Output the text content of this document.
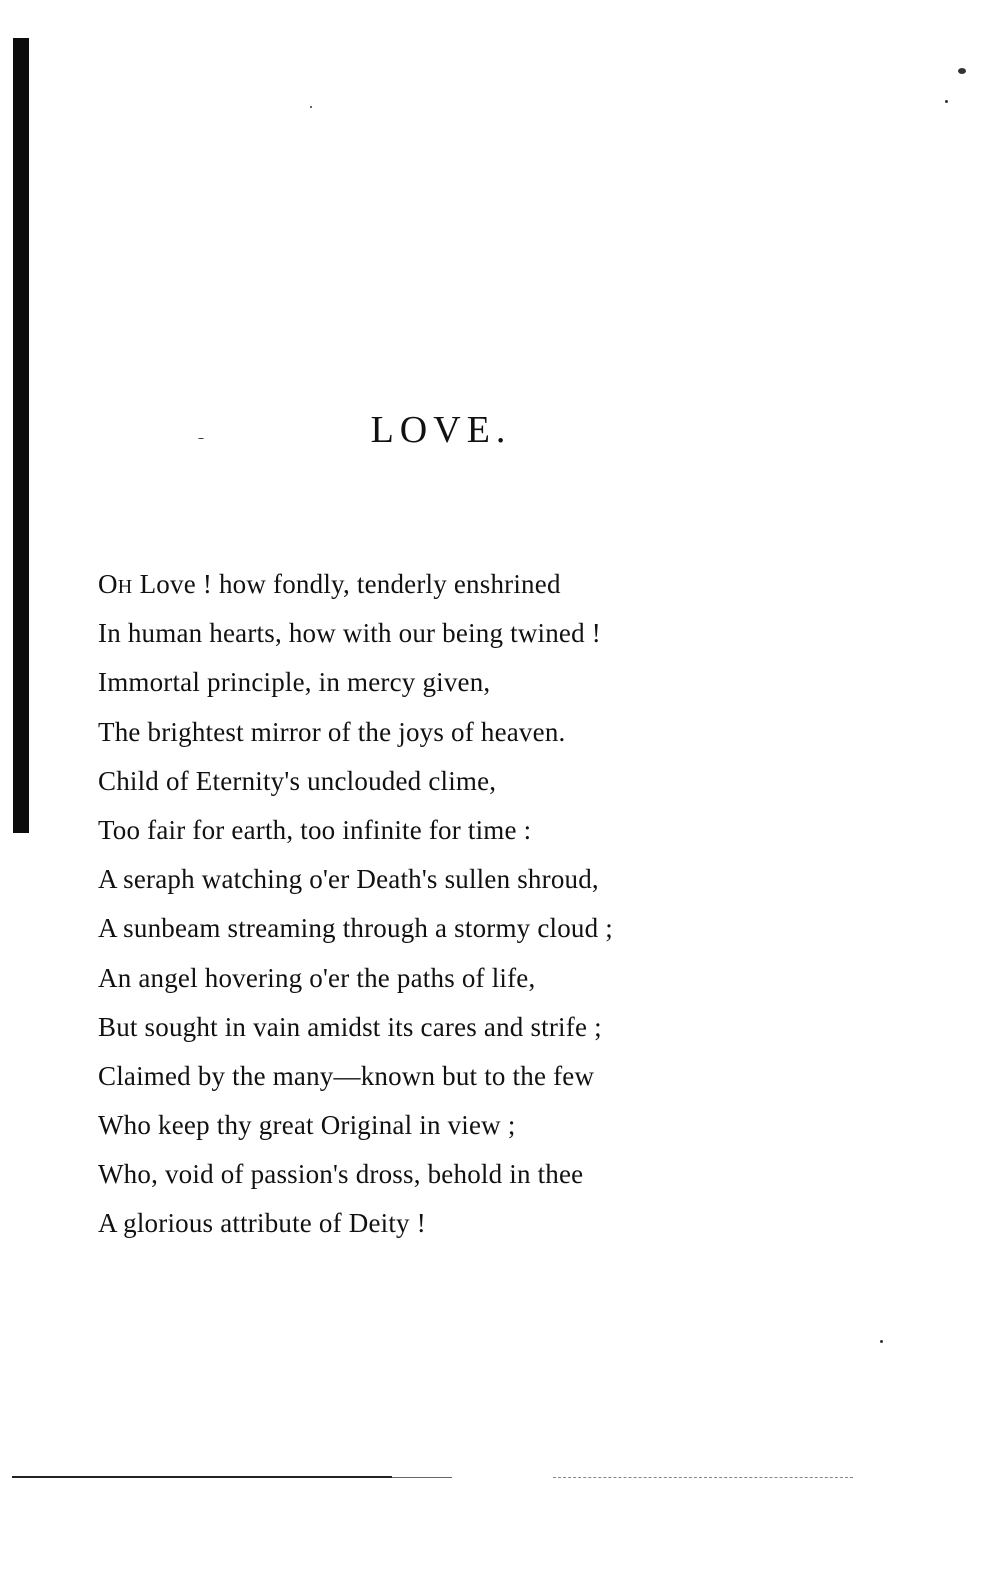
LOVE.
OH Love ! how fondly, tenderly enshrined
In human hearts, how with our being twined !
Immortal principle, in mercy given,
The brightest mirror of the joys of heaven.
Child of Eternity's unclouded clime,
Too fair for earth, too infinite for time :
A seraph watching o'er Death's sullen shroud,
A sunbeam streaming through a stormy cloud ;
An angel hovering o'er the paths of life,
But sought in vain amidst its cares and strife ;
Claimed by the many—known but to the few
Who keep thy great Original in view ;
Who, void of passion's dross, behold in thee
A glorious attribute of Deity !
